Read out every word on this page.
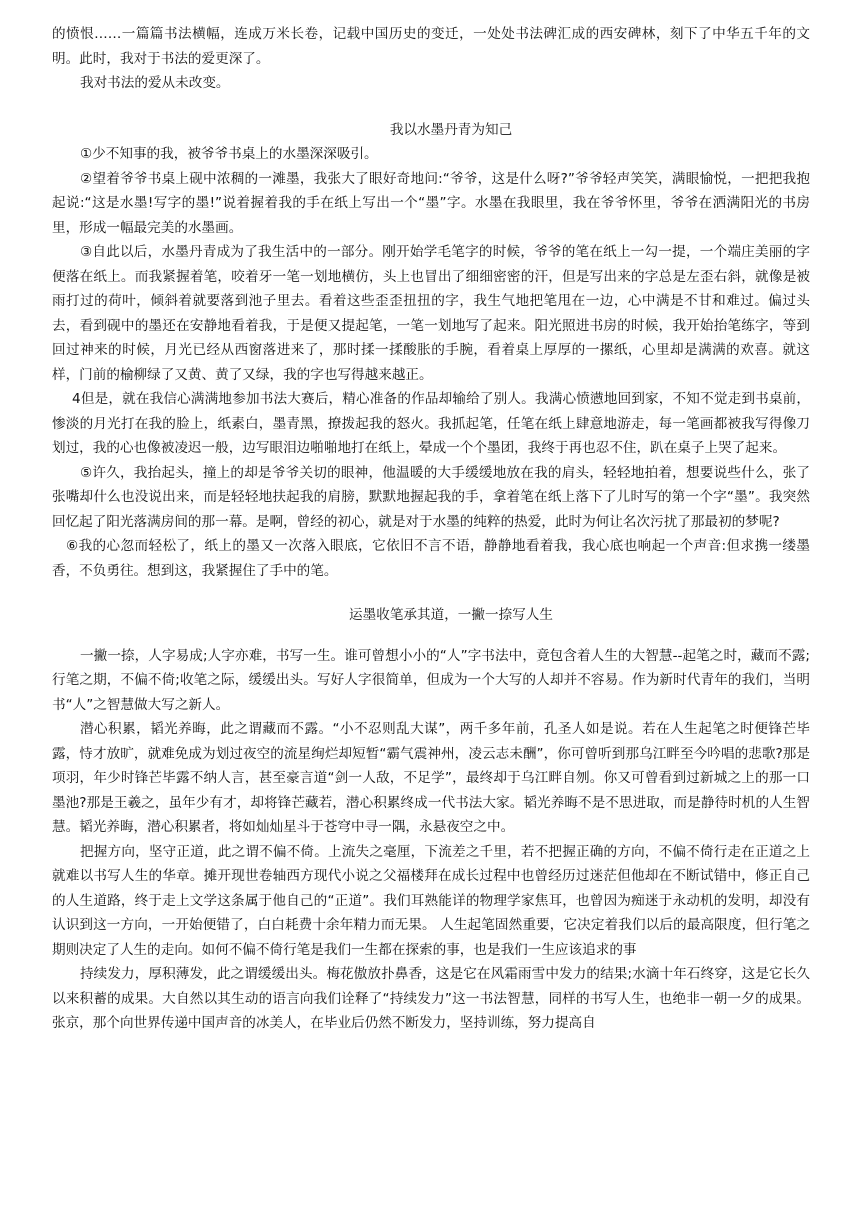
的愤恨……一篇篇书法横幅，连成万米长卷，记载中国历史的变迁，一处处书法碑汇成的西安碑林，刻下了中华五千年的文明。此时，我对于书法的爱更深了。

我对书法的爱从未改变。

我以水墨丹青为知己

①少不知事的我，被爷爷书桌上的水墨深深吸引。

②望着爷爷书桌上砚中浓稠的一滩墨，我张大了眼好奇地问:“爷爷，这是什么呀?”爷爷轻声笑笑，满眼愉悦，一把把我抱起说:“这是水墨!写字的墨!”说着握着我的手在纸上写出一个“墨”字。水墨在我眼里，我在爷爷怀里，爷爷在洒满阳光的书房里，形成一幅最完美的水墨画。

③自此以后，水墨丹青成为了我生活中的一部分。刚开始学毛笔字的时候，爷爷的笔在纸上一勾一提，一个端庄美丽的字便落在纸上。而我紧握着笔，咬着牙一笔一划地横仿，头上也冒出了细细密密的汗，但是写出来的字总是左歪右斜，就像是被雨打过的荷叶，倾斜着就要落到池子里去。看着这些歪歪扭扭的字，我生气地把笔甩在一边，心中满是不甘和难过。偏过头去，看到砚中的墨还在安静地看着我，于是便又提起笔，一笔一划地写了起来。阳光照进书房的时候，我开始抬笔练字，等到回过神来的时候，月光已经从西窗落进来了，那时揉一揉酸胀的手腕，看着桌上厚厚的一摞纸，心里却是满满的欢喜。就这样，门前的榆柳绿了又黄、黄了又绿，我的字也写得越来越正。

4但是，就在我信心满满地参加书法大赛后，精心准备的作品却输给了别人。我满心愤懑地回到家，不知不觉走到书桌前，惨淡的月光打在我的脸上，纸素白，墨青黑，撩拨起我的怒火。我抓起笔，任笔在纸上肆意地游走，每一笔画都被我写得像刀划过，我的心也像被凌迟一般，边写眼泪边啪啪地打在纸上，晕成一个个墨团，我终于再也忍不住，趴在桌子上哭了起来。

⑤许久，我抬起头，撞上的却是爷爷关切的眼神，他温暖的大手缓缓地放在我的肩头，轻轻地拍着，想要说些什么，张了张嘴却什么也没说出来，而是轻轻地扶起我的肩膀，默默地握起我的手，拿着笔在纸上落下了儿时写的第一个字“墨”。我突然回忆起了阳光落满房间的那一幕。是啊，曾经的初心，就是对于水墨的纯粹的热爱，此时为何让名次污扰了那最初的梦呢?

⑥我的心忽而轻松了，纸上的墨又一次落入眼底，它依旧不言不语，静静地看着我，我心底也响起一个声音:但求携一缕墨香，不负勇往。想到这，我紧握住了手中的笔。

运墨收笔承其道，一撇一捺写人生

一撇一捺，人字易成;人字亦难，书写一生。谁可曾想小小的“人”字书法中，竟包含着人生的大智慧--起笔之时，藏而不露;行笔之期，不偏不倚;收笔之际，缓缓出头。写好人字很简单，但成为一个大写的人却并不容易。作为新时代青年的我们，当明书“人”之智慧做大写之新人。

潜心积累，韬光养晦，此之谓藏而不露。“小不忍则乱大谋”，两千多年前，孔圣人如是说。若在人生起笔之时便锋芒毕露，恃才放旷，就难免成为划过夜空的流星绚烂却短暂“霸气震神州，凌云志未酬”，你可曾听到那乌江畔至今吟唱的悲歌?那是项羽，年少时锋芒毕露不纳人言，甚至豪言道“剑一人敌，不足学”，最终却于乌江畔自刎。你又可曾看到过新城之上的那一口墨池?那是王羲之，虽年少有才，却将锋芒藏若，潜心积累终成一代书法大家。韬光养晦不是不思进取，而是静待时机的人生智慧。韬光养晦，潜心积累者，将如灿灿星斗于苍穹中寻一隅，永悬夜空之中。

把握方向，坚守正道，此之谓不偏不倚。上流失之毫厘，下流差之千里，若不把握正确的方向，不偏不倚行走在正道之上就难以书写人生的华章。摊开现世卷轴西方现代小说之父福楼拜在成长过程中也曾经历过迷茫但他却在不断试错中，修正自己的人生道路，终于走上文学这条属于他自己的“正道”。我们耳熟能详的物理学家焦耳，也曾因为痴迷于永动机的发明，却没有认识到这一方向，一开始便错了，白白耗费十余年精力而无果。 人生起笔固然重要，它决定着我们以后的最高限度，但行笔之期则决定了人生的走向。如何不偏不倚行笔是我们一生都在探索的事，也是我们一生应该追求的事

持续发力，厚积薄发，此之谓缓缓出头。梅花傲放扑鼻香，这是它在风霜雨雪中发力的结果;水滴十年石终穿，这是它长久以来积蓄的成果。大自然以其生动的语言向我们诠释了“持续发力”这一书法智慧，同样的书写人生，也绝非一朝一夕的成果。张京，那个向世界传递中国声音的冰美人，在毕业后仍然不断发力，坚持训练，努力提高自
